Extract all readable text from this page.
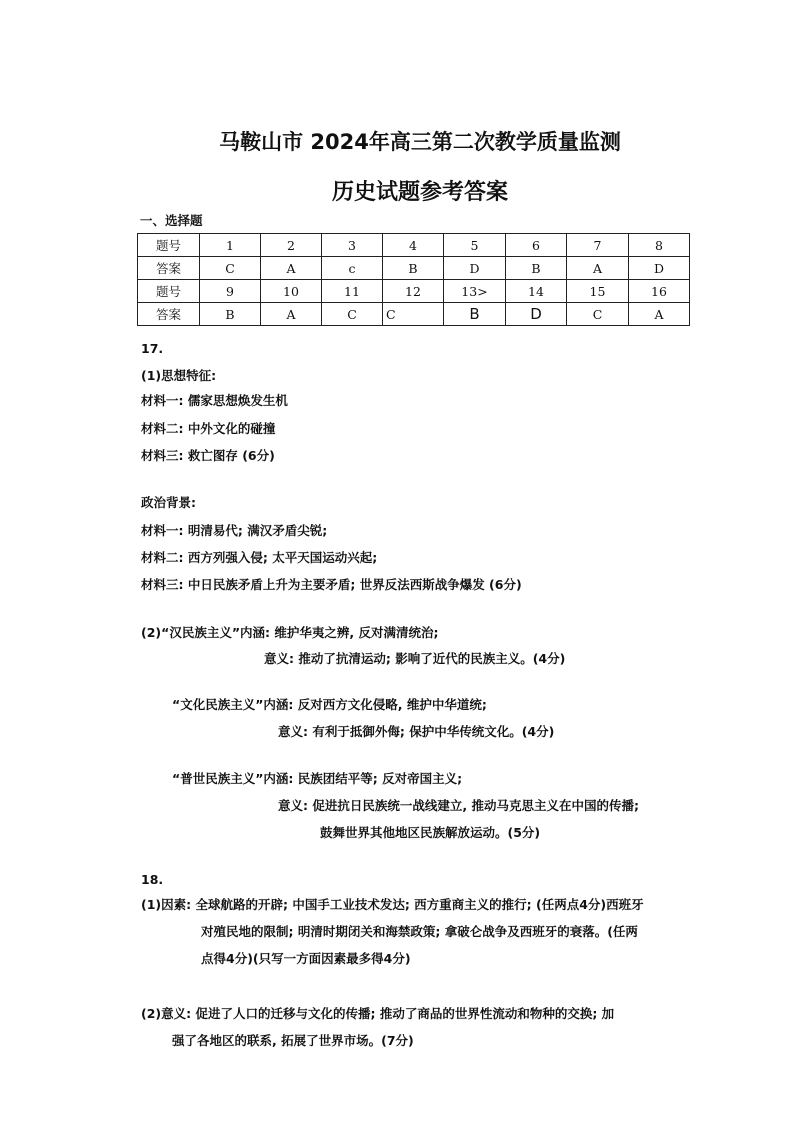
马鞍山市 2024年高三第二次教学质量监测
历史试题参考答案
一、选择题
题号	1	2	3	4	5	6	7	8
答案	C	A	c	B	D	B	A	D
题号	9	10	11	12	13>	14	15	16
答案	B	A	C	C	B	D	C	A
17.
(1)思想特征:
材料一: 儒家思想焕发生机
材料二: 中外文化的碰撞
材料三: 救亡图存 (6分)
政治背景:
材料一: 明清易代; 满汉矛盾尖锐;
材料二: 西方列强入侵; 太平天国运动兴起;
材料三: 中日民族矛盾上升为主要矛盾; 世界反法西斯战争爆发 (6分)
(2)“汉民族主义”内涵: 维护华夷之辨, 反对满清统治;
意义: 推动了抗清运动; 影响了近代的民族主义。(4分)
“文化民族主义”内涵: 反对西方文化侵略, 维护中华道统;
意义: 有利于抵御外侮; 保护中华传统文化。(4分)
“普世民族主义”内涵: 民族团结平等; 反对帝国主义;
意义: 促进抗日民族统一战线建立, 推动马克思主义在中国的传播;
鼓舞世界其他地区民族解放运动。(5分)
18.
(1)因素: 全球航路的开辟; 中国手工业技术发达; 西方重商主义的推行; (任两点4分)西班牙
对殖民地的限制; 明清时期闭关和海禁政策; 拿破仑战争及西班牙的衰落。(任两
点得4分)(只写一方面因素最多得4分)
(2)意义: 促进了人口的迁移与文化的传播; 推动了商品的世界性流动和物种的交换; 加
强了各地区的联系, 拓展了世界市场。(7分)
